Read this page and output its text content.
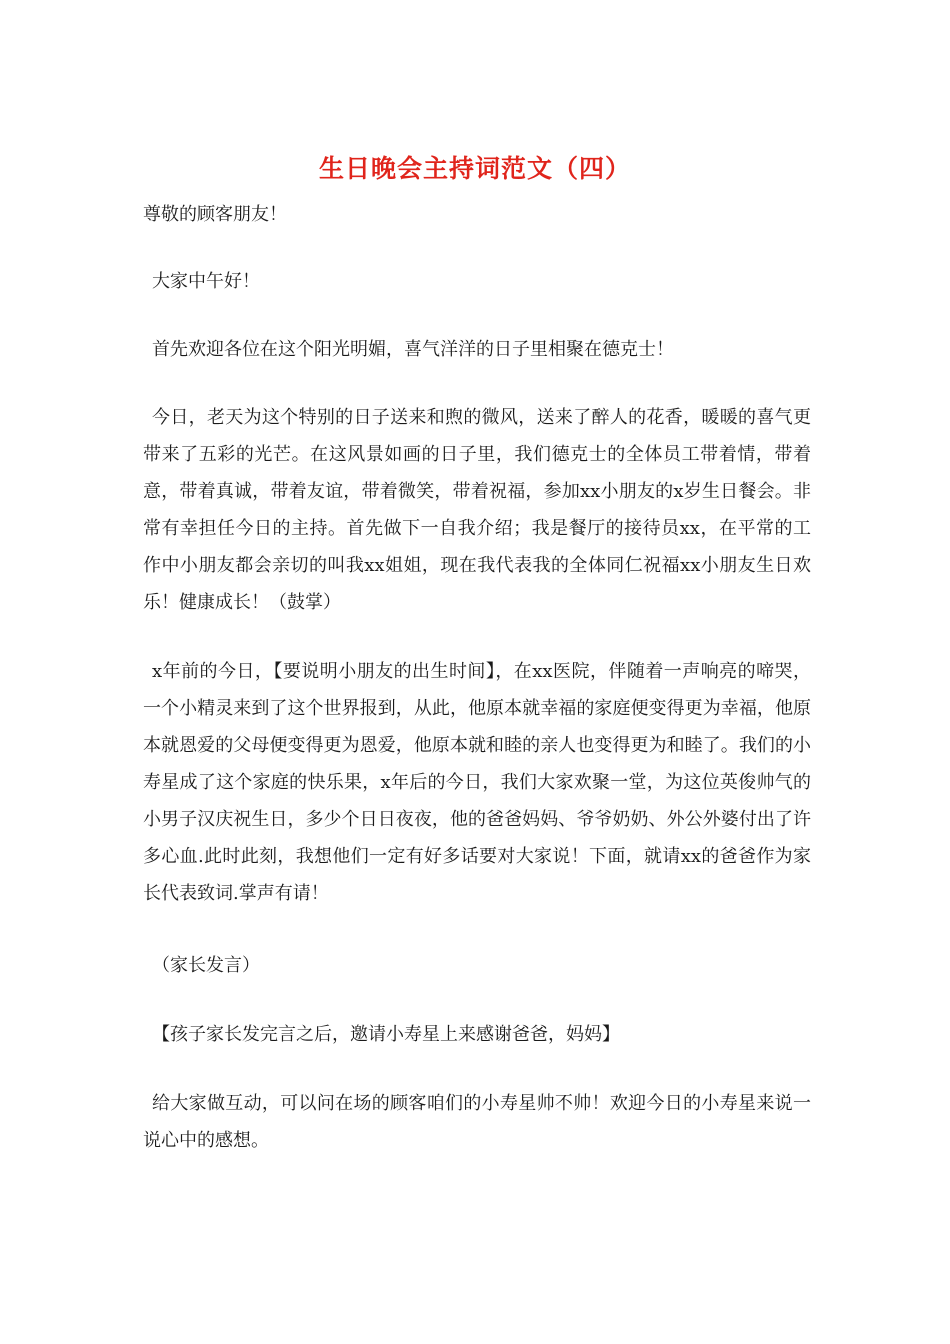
生日晚会主持词范文（四）

尊敬的顾客朋友！

大家中午好！

首先欢迎各位在这个阳光明媚，喜气洋洋的日子里相聚在德克士！

今日，老天为这个特别的日子送来和煦的微风，送来了醉人的花香，暖暖的喜气更带来了五彩的光芒。在这风景如画的日子里，我们德克士的全体员工带着情，带着意，带着真诚，带着友谊，带着微笑，带着祝福，参加xx小朋友的x岁生日餐会。非常有幸担任今日的主持。首先做下一自我介绍；我是餐厅的接待员xx，在平常的工作中小朋友都会亲切的叫我xx姐姐，现在我代表我的全体同仁祝福xx小朋友生日欢乐！健康成长！（鼓掌）

x年前的今日，【要说明小朋友的出生时间】，在xx医院，伴随着一声响亮的啼哭，一个小精灵来到了这个世界报到，从此，他原本就幸福的家庭便变得更为幸福，他原本就恩爱的父母便变得更为恩爱，他原本就和睦的亲人也变得更为和睦了。我们的小寿星成了这个家庭的快乐果，x年后的今日，我们大家欢聚一堂，为这位英俊帅气的小男子汉庆祝生日，多少个日日夜夜，他的爸爸妈妈、爷爷奶奶、外公外婆付出了许多心血.此时此刻，我想他们一定有好多话要对大家说！下面，就请xx的爸爸作为家长代表致词.掌声有请！

（家长发言）

【孩子家长发完言之后，邀请小寿星上来感谢爸爸，妈妈】

给大家做互动，可以问在场的顾客咱们的小寿星帅不帅！欢迎今日的小寿星来说一说心中的感想。
